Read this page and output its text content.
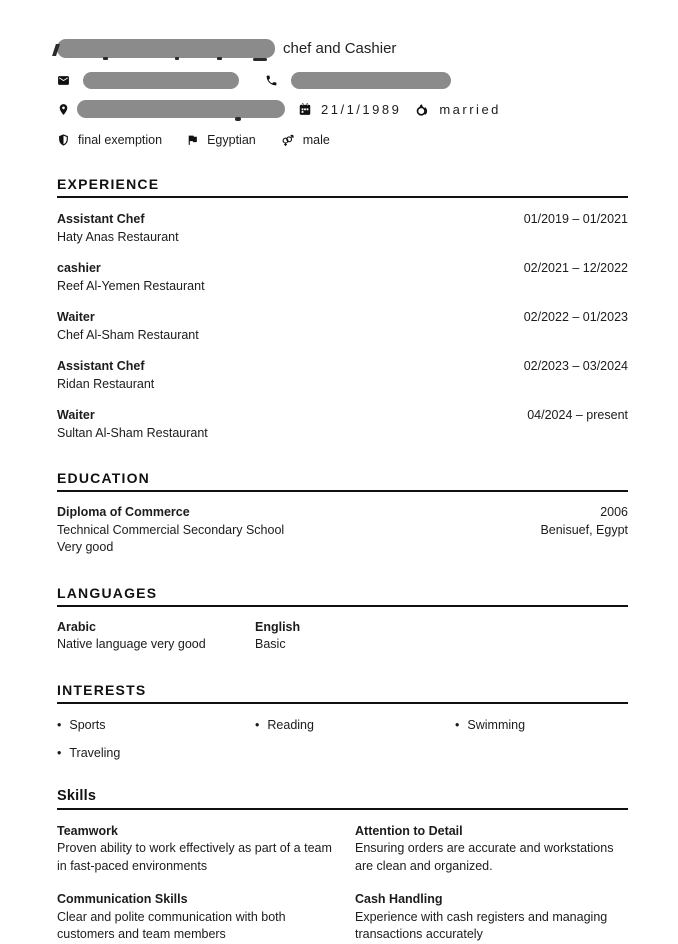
chef and Cashier
21/1/1989	married
final exemption	Egyptian	male
EXPERIENCE
Assistant Chef
Haty Anas Restaurant
01/2019 – 01/2021
cashier
Reef Al-Yemen Restaurant
02/2021 – 12/2022
Waiter
Chef Al-Sham Restaurant
02/2022 – 01/2023
Assistant Chef
Ridan Restaurant
02/2023 – 03/2024
Waiter
Sultan Al-Sham Restaurant
04/2024 – present
EDUCATION
Diploma of Commerce
Technical Commercial Secondary School
Very good
2006
Benisuef, Egypt
LANGUAGES
Arabic
Native language very good
English
Basic
INTERESTS
• Sports	• Reading	• Swimming
• Traveling
Skills
Teamwork
Proven ability to work effectively as part of a team in fast-paced environments
Attention to Detail
Ensuring orders are accurate and workstations are clean and organized.
Communication Skills
Clear and polite communication with both customers and team members
Cash Handling
Experience with cash registers and managing transactions accurately
